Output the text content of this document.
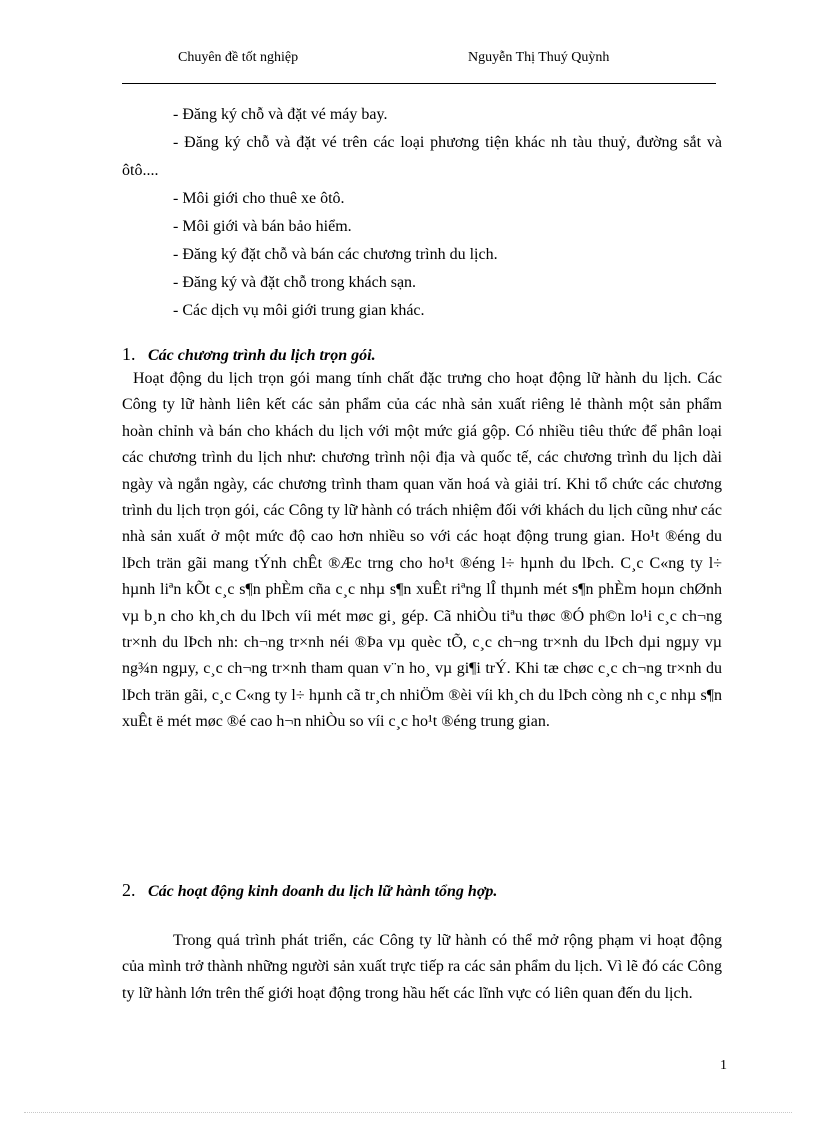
Chuyên đề tốt nghiệp	Nguyễn Thị Thuý Quỳnh

- Đăng ký chỗ và đặt vé máy bay.

- Đăng ký chỗ và đặt vé trên các loại phương tiện khác nh tàu thuỷ, đường sắt và ôtô....

- Môi giới cho thuê xe ôtô.

- Môi giới và bán bảo hiểm.

- Đăng ký đặt chỗ và bán các chương trình du lịch.

- Đăng ký và đặt chỗ trong khách sạn.

- Các dịch vụ môi giới trung gian khác.

1. Các chương trình du lịch trọn gói.

Hoạt động du lịch trọn gói mang tính chất đặc trưng cho hoạt động lữ hành du lịch. Các Công ty lữ hành liên kết các sản phẩm của các nhà sản xuất riêng lẻ thành một sản phẩm hoàn chỉnh và bán cho khách du lịch với một mức giá gộp. Có nhiều tiêu thức để phân loại các chương trình du lịch như: chương trình nội địa và quốc tế, các chương trình du lịch dài ngày và ngắn ngày, các chương trình tham quan văn hoá và giải trí. Khi tổ chức các chương trình du lịch trọn gói, các Công ty lữ hành có trách nhiệm đối với khách du lịch cũng như các nhà sản xuất ở một mức độ cao hơn nhiều so với các hoạt động trung gian. Ho¹t ®éng du lÞch trän gãi mang tÝnh chÊt ®Æc trng cho ho¹t ®éng l÷ hµnh du lÞch. C¸c C«ng ty l÷ hµnh liªn kÕt c¸c s¶n phÈm cña c¸c nhµ s¶n xuÊt riªng lÎ thµnh mét s¶n phÈm hoµn chØnh vµ b¸n cho kh¸ch du lÞch víi mét møc gi¸ gép. Cã nhiÒu tiªu thøc ®Ó ph©n lo¹i c¸c ch¬ng tr×nh du lÞch nh: ch¬ng tr×nh néi ®Þa vµ quèc tÕ, c¸c ch¬ng tr×nh du lÞch dµi ngµy vµ ng¾n ngµy, c¸c ch¬ng tr×nh tham quan v¨n ho¸ vµ gi¶i trÝ. Khi tæ chøc c¸c ch¬ng tr×nh du lÞch trän gãi, c¸c C«ng ty l÷ hµnh cã tr¸ch nhiÖm ®èi víi kh¸ch du lÞch còng nh c¸c nhµ s¶n xuÊt ë mét møc ®é cao h¬n nhiÒu so víi c¸c ho¹t ®éng trung gian.

2. Các hoạt động kinh doanh du lịch lữ hành tổng hợp.

Trong quá trình phát triển, các Công ty lữ hành có thể mở rộng phạm vi hoạt động của mình trở thành những người sản xuất trực tiếp ra các sản phẩm du lịch. Vì lẽ đó các Công ty lữ hành lớn trên thế giới hoạt động trong hầu hết các lĩnh vực có liên quan đến du lịch.

1
